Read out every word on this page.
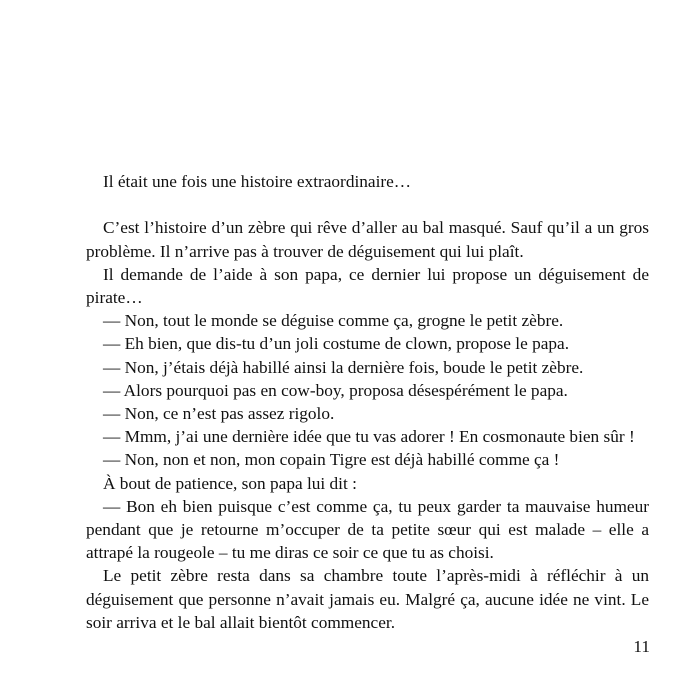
Il était une fois une histoire extraordinaire…

C’est l’histoire d’un zèbre qui rêve d’aller au bal masqué. Sauf qu’il a un gros problème. Il n’arrive pas à trouver de déguisement qui lui plaît.

Il demande de l’aide à son papa, ce dernier lui propose un déguisement de pirate…

— Non, tout le monde se déguise comme ça, grogne le petit zèbre.

— Eh bien, que dis-tu d’un joli costume de clown, propose le papa.

— Non, j’étais déjà habillé ainsi la dernière fois, boude le petit zèbre.

— Alors pourquoi pas en cow-boy, proposa désespérément le papa.

— Non, ce n’est pas assez rigolo.

— Mmm, j’ai une dernière idée que tu vas adorer ! En cosmonaute bien sûr !

— Non, non et non, mon copain Tigre est déjà habillé comme ça !

À bout de patience, son papa lui dit :

— Bon eh bien puisque c’est comme ça, tu peux garder ta mauvaise humeur pendant que je retourne m’occuper de ta petite sœur qui est malade – elle a attrapé la rougeole – tu me diras ce soir ce que tu as choisi.

Le petit zèbre resta dans sa chambre toute l’après-midi à réfléchir à un déguisement que personne n’avait jamais eu. Malgré ça, aucune idée ne vint. Le soir arriva et le bal allait bientôt commencer.

11
